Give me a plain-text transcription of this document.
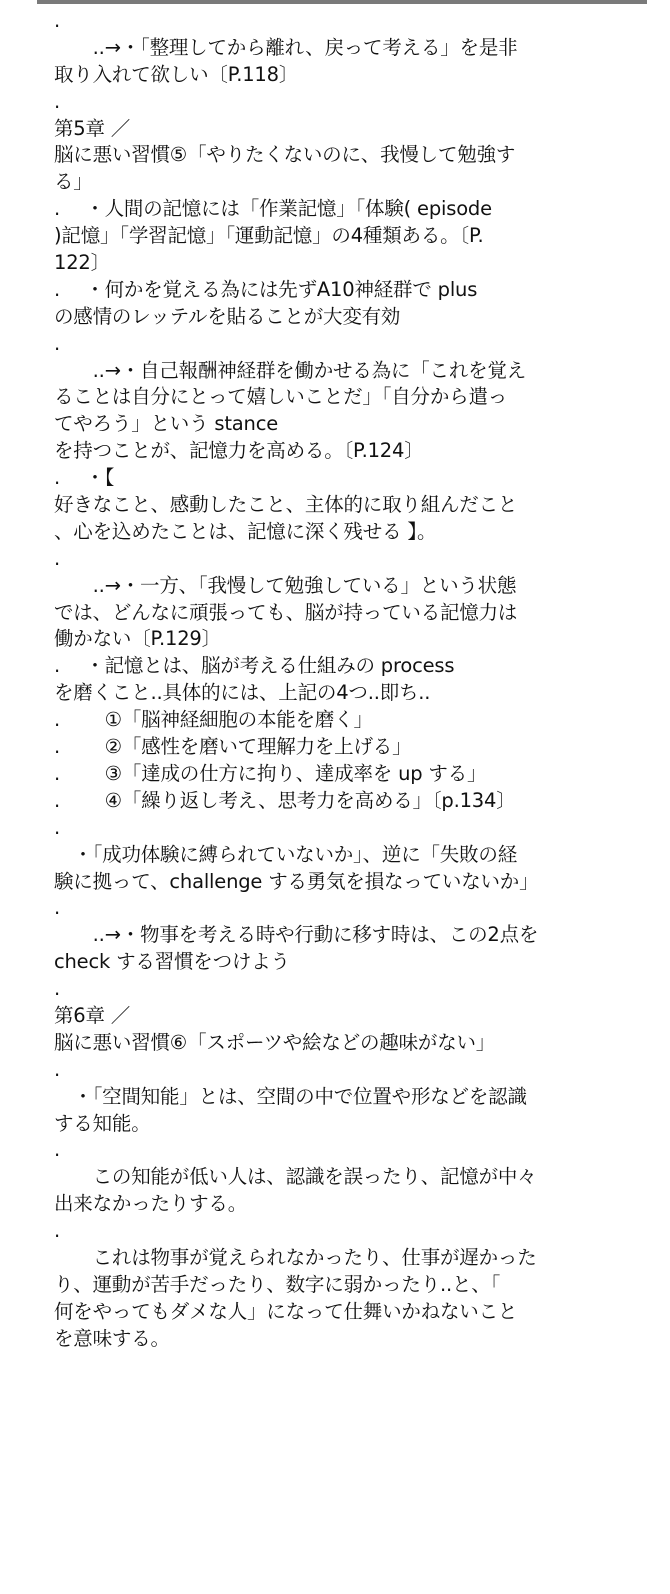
.
　　..→・「整理してから離れ、戻って考える」を是非
取り入れて欲しい〔P.118〕
.
第5章 ／
脳に悪い習慣⑤「やりたくないのに、我慢して勉強す
る」
. 　・人間の記憶には「作業記憶」「体験( episode
)記憶」「学習記憶」「運動記憶」の4種類ある。〔P.
122〕
. 　・何かを覚える為には先ずA10神経群で plus
の感情のレッテルを貼ることが大変有効
.
　　..→・自己報酬神経群を働かせる為に「これを覚え
ることは自分にとって嬉しいことだ」「自分から遣っ
てやろう」という stance
を持つことが、記憶力を高める。〔P.124〕
. 　・【
好きなこと、感動したこと、主体的に取り組んだこと
、心を込めたことは、記憶に深く残せる 】。
.
　　..→・一方、「我慢して勉強している」という状態
では、どんなに頑張っても、脳が持っている記憶力は
働かない〔P.129〕
. 　・記憶とは、脳が考える仕組みの process
を磨くこと..具体的には、上記の4つ..即ち..
. 　　①「脳神経細胞の本能を磨く」
. 　　②「感性を磨いて理解力を上げる」
. 　　③「達成の仕方に拘り、達成率を up する」
. 　　④「繰り返し考え、思考力を高める」〔p.134〕
.
　・「成功体験に縛られていないか」、逆に「失敗の経
験に拠って、challenge する勇気を損なっていないか」
.
　　..→・物事を考える時や行動に移す時は、この2点を
check する習慣をつけよう
.
第6章 ／
脳に悪い習慣⑥「スポーツや絵などの趣味がない」
.
　・「空間知能」とは、空間の中で位置や形などを認識
する知能。
.
　　この知能が低い人は、認識を誤ったり、記憶が中々
出来なかったりする。
.
　　これは物事が覚えられなかったり、仕事が遅かった
り、運動が苦手だったり、数字に弱かったり..と、「
何をやってもダメな人」になって仕舞いかねないこと
を意味する。
